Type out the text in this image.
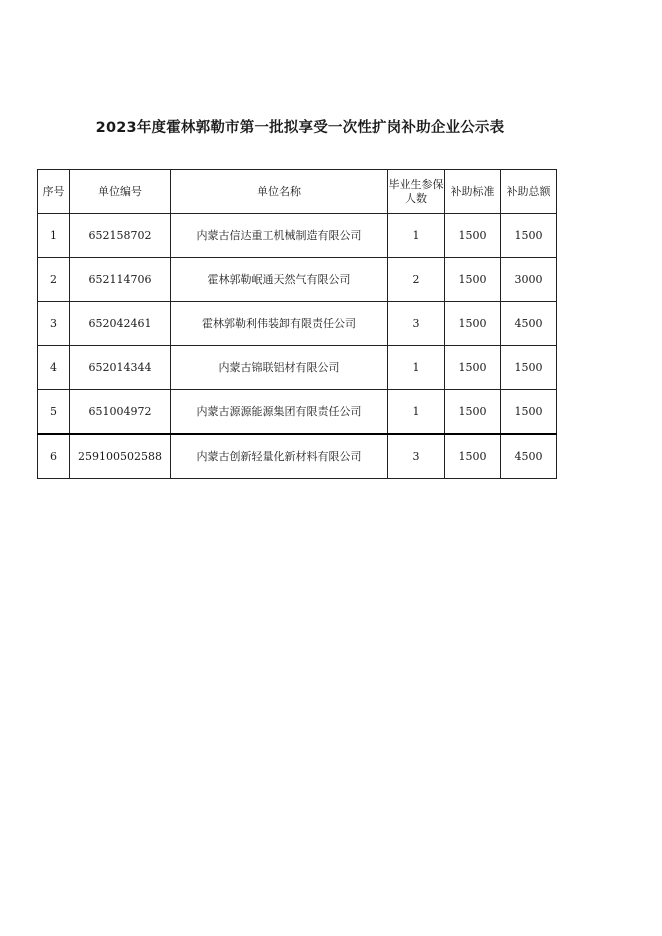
2023年度霍林郭勒市第一批拟享受一次性扩岗补助企业公示表
序号	单位编号	单位名称	毕业生参保人数	补助标准	补助总额
1	652158702	内蒙古信达重工机械制造有限公司	1	1500	1500
2	652114706	霍林郭勒岷通天然气有限公司	2	1500	3000
3	652042461	霍林郭勒利伟装卸有限责任公司	3	1500	4500
4	652014344	内蒙古锦联铝材有限公司	1	1500	1500
5	651004972	内蒙古源源能源集团有限责任公司	1	1500	1500
6	259100502588	内蒙古创新轻量化新材料有限公司	3	1500	4500
